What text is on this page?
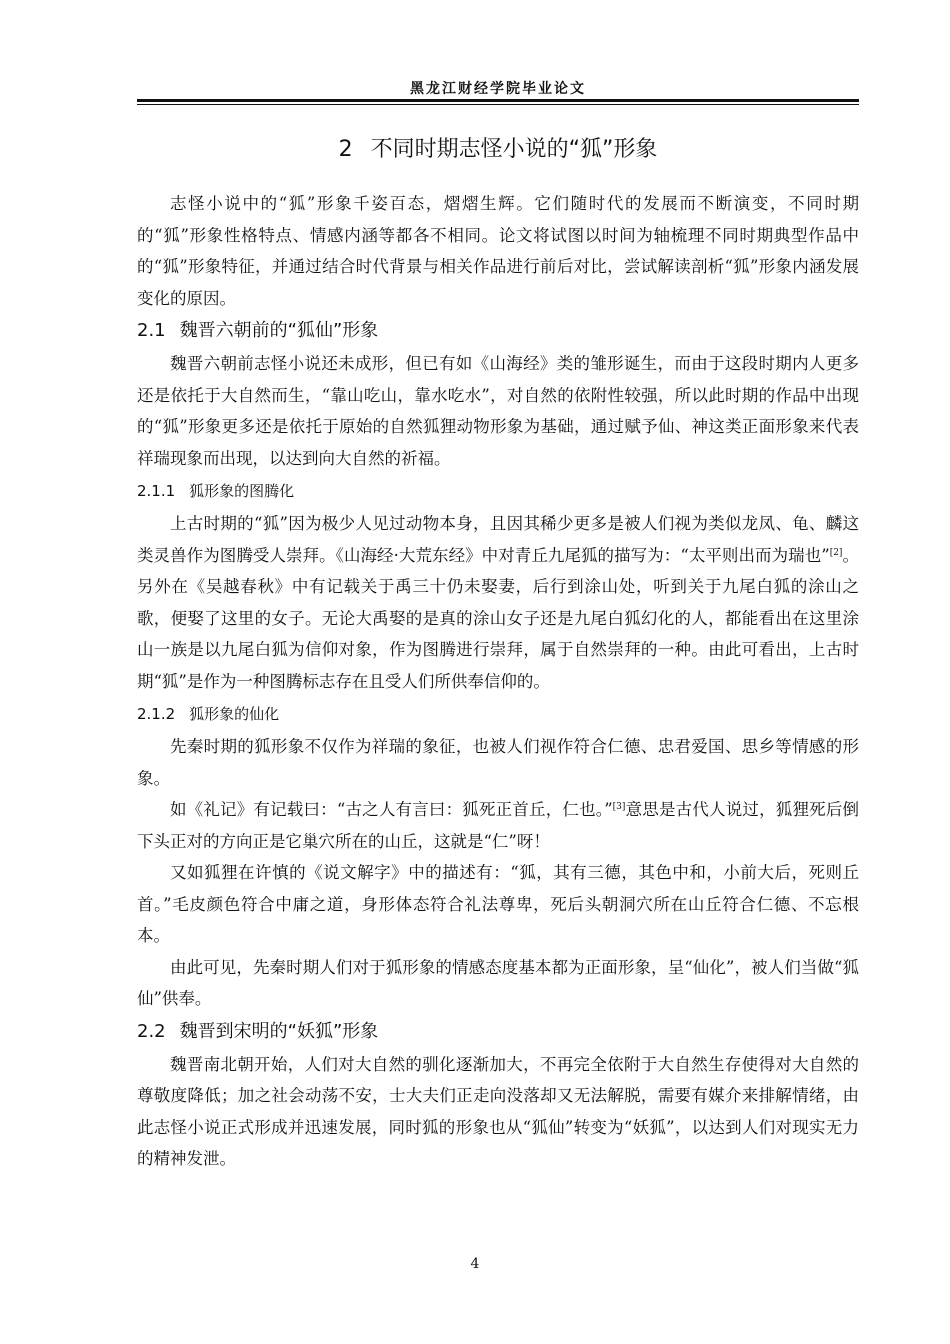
黑龙江财经学院毕业论文
2 不同时期志怪小说的“狐”形象

志怪小说中的“狐”形象千姿百态，熠熠生辉。它们随时代的发展而不断演变，不同时期的“狐”形象性格特点、情感内涵等都各不相同。论文将试图以时间为轴梳理不同时期典型作品中的“狐”形象特征，并通过结合时代背景与相关作品进行前后对比，尝试解读剖析“狐”形象内涵发展变化的原因。

2.1 魏晋六朝前的“狐仙”形象

魏晋六朝前志怪小说还未成形，但已有如《山海经》类的雏形诞生，而由于这段时期内人更多还是依托于大自然而生，“靠山吃山，靠水吃水”，对自然的依附性较强，所以此时期的作品中出现的“狐”形象更多还是依托于原始的自然狐狸动物形象为基础，通过赋予仙、神这类正面形象来代表祥瑞现象而出现，以达到向大自然的祈福。

2.1.1 狐形象的图腾化

上古时期的“狐”因为极少人见过动物本身，且因其稀少更多是被人们视为类似龙凤、龟、麟这类灵兽作为图腾受人崇拜。《山海经·大荒东经》中对青丘九尾狐的描写为：“太平则出而为瑞也”[2]。另外在《吴越春秋》中有记载关于禹三十仍未娶妻，后行到涂山处，听到关于九尾白狐的涂山之歌，便娶了这里的女子。无论大禹娶的是真的涂山女子还是九尾白狐幻化的人，都能看出在这里涂山一族是以九尾白狐为信仰对象，作为图腾进行崇拜，属于自然崇拜的一种。由此可看出，上古时期“狐”是作为一种图腾标志存在且受人们所供奉信仰的。

2.1.2 狐形象的仙化

先秦时期的狐形象不仅作为祥瑞的象征，也被人们视作符合仁德、忠君爱国、思乡等情感的形象。

如《礼记》有记载曰：“古之人有言曰：狐死正首丘，仁也。”[3]意思是古代人说过，狐狸死后倒下头正对的方向正是它巢穴所在的山丘，这就是“仁”呀！

又如狐狸在许慎的《说文解字》中的描述有：“狐，其有三德，其色中和，小前大后，死则丘首。”毛皮颜色符合中庸之道，身形体态符合礼法尊卑，死后头朝洞穴所在山丘符合仁德、不忘根本。

由此可见，先秦时期人们对于狐形象的情感态度基本都为正面形象，呈“仙化”，被人们当做“狐仙”供奉。

2.2 魏晋到宋明的“妖狐”形象

魏晋南北朝开始，人们对大自然的驯化逐渐加大，不再完全依附于大自然生存使得对大自然的尊敬度降低；加之社会动荡不安，士大夫们正走向没落却又无法解脱，需要有媒介来排解情绪，由此志怪小说正式形成并迅速发展，同时狐的形象也从“狐仙”转变为“妖狐”，以达到人们对现实无力的精神发泄。

4
